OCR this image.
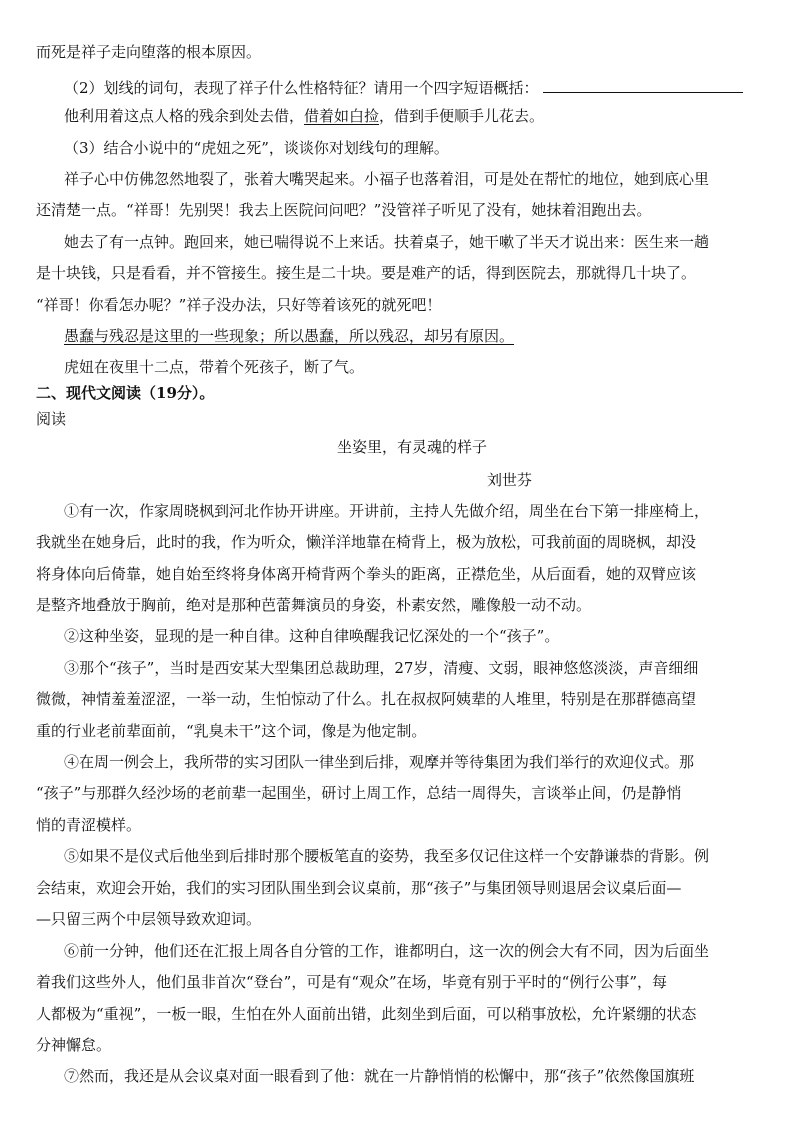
而死是祥子走向堕落的根本原因。
（2）划线的词句，表现了祥子什么性格特征？请用一个四字短语概括：
他利用着这点人格的残余到处去借，借着如白捡，借到手便顺手儿花去。
（3）结合小说中的“虎妞之死”，谈谈你对划线句的理解。
祥子心中仿佛忽然地裂了，张着大嘴哭起来。小福子也落着泪，可是处在帮忙的地位，她到底心里
还清楚一点。“祥哥！先别哭！我去上医院问问吧？”没管祥子听见了没有，她抹着泪跑出去。
她去了有一点钟。跑回来，她已喘得说不上来话。扶着桌子，她干嗽了半天才说出来：医生来一趟
是十块钱，只是看看，并不管接生。接生是二十块。要是难产的话，得到医院去，那就得几十块了。
“祥哥！你看怎办呢？”祥子没办法，只好等着该死的就死吧！
愚蠢与残忍是这里的一些现象；所以愚蠢，所以残忍，却另有原因。
虎妞在夜里十二点，带着个死孩子，断了气。
二、现代文阅读（19分）。
阅读
坐姿里，有灵魂的样子
刘世芬
①有一次，作家周晓枫到河北作协开讲座。开讲前，主持人先做介绍，周坐在台下第一排座椅上，
我就坐在她身后，此时的我，作为听众，懒洋洋地靠在椅背上，极为放松，可我前面的周晓枫，却没
将身体向后倚靠，她自始至终将身体离开椅背两个拳头的距离，正襟危坐，从后面看，她的双臂应该
是整齐地叠放于胸前，绝对是那种芭蕾舞演员的身姿，朴素安然，雕像般一动不动。
②这种坐姿，显现的是一种自律。这种自律唤醒我记忆深处的一个“孩子”。
③那个“孩子”，当时是西安某大型集团总裁助理，27岁，清瘦、文弱，眼神悠悠淡淡，声音细细
微微，神情羞羞涩涩，一举一动，生怕惊动了什么。扎在叔叔阿姨辈的人堆里，特别是在那群德高望
重的行业老前辈面前，“乳臭未干”这个词，像是为他定制。
④在周一例会上，我所带的实习团队一律坐到后排，观摩并等待集团为我们举行的欢迎仪式。那
“孩子”与那群久经沙场的老前辈一起围坐，研讨上周工作，总结一周得失，言谈举止间，仍是静悄
悄的青涩模样。
⑤如果不是仪式后他坐到后排时那个腰板笔直的姿势，我至多仅记住这样一个安静谦恭的背影。例
会结束，欢迎会开始，我们的实习团队围坐到会议桌前，那“孩子”与集团领导则退居会议桌后面—
—只留三两个中层领导致欢迎词。
⑥前一分钟，他们还在汇报上周各自分管的工作，谁都明白，这一次的例会大有不同，因为后面坐
着我们这些外人，他们虽非首次“登台”，可是有“观众”在场，毕竟有别于平时的“例行公事”，每
人都极为“重视”，一板一眼，生怕在外人面前出错，此刻坐到后面，可以稍事放松，允许紧绷的状态
分神懈怠。
⑦然而，我还是从会议桌对面一眼看到了他：就在一片静悄悄的松懈中，那“孩子”依然像国旗班
